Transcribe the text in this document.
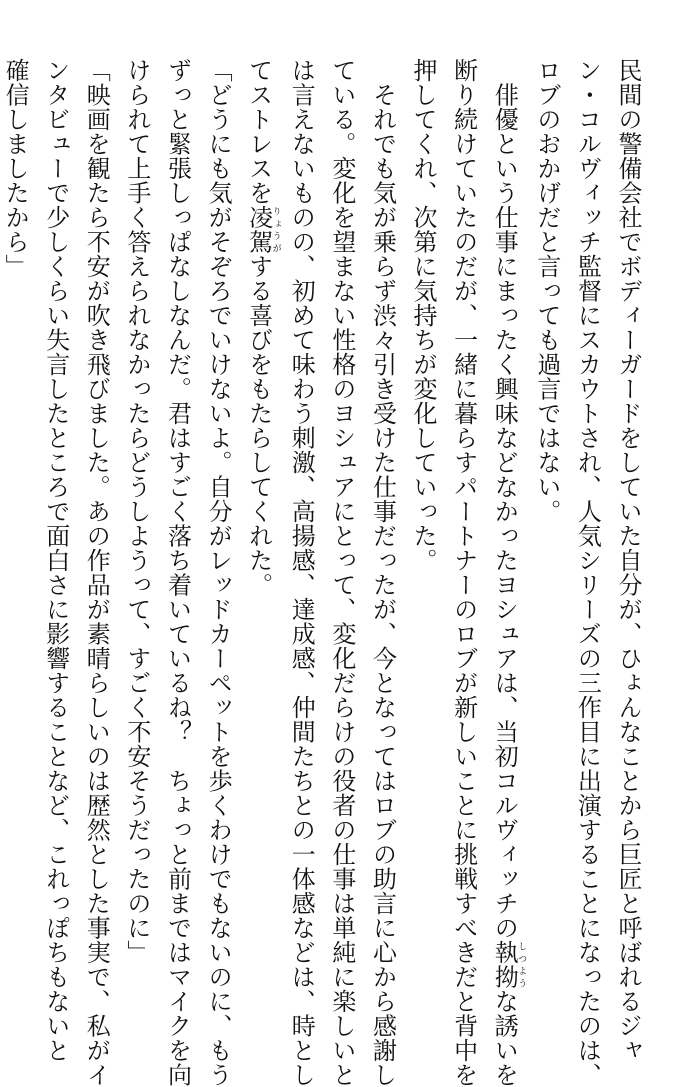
民間の警備会社でボディーガードをしていた自分が、ひょんなことから巨匠と呼ばれるジャ
ン・コルヴィッチ監督にスカウトされ、人気シリーズの三作目に出演することになったのは、
ロブのおかげだと言っても過言ではない。
　俳優という仕事にまったく興味などなかったヨシュアは、当初コルヴィッチの執拗しつような誘いを
断り続けていたのだが、一緒に暮らすパートナーのロブが新しいことに挑戦すべきだと背中を
押してくれ、次第に気持ちが変化していった。
　それでも気が乗らず渋々引き受けた仕事だったが、今となってはロブの助言に心から感謝し
ている。変化を望まない性格のヨシュアにとって、変化だらけの役者の仕事は単純に楽しいと
は言えないものの、初めて味わう刺激、高揚感、達成感、仲間たちとの一体感などは、時とし
てストレスを凌駕りょうがする喜びをもたらしてくれた。
「どうにも気がそぞろでいけないよ。自分がレッドカーペットを歩くわけでもないのに、もう
ずっと緊張しっぱなしなんだ。君はすごく落ち着いているね？　ちょっと前まではマイクを向
けられて上手く答えられなかったらどうしようって、すごく不安そうだったのに」
「映画を観たら不安が吹き飛びました。あの作品が素晴らしいのは歴然とした事実で、私がイ
ンタビューで少しくらい失言したところで面白さに影響することなど、これっぽちもないと
確信しましたから」
